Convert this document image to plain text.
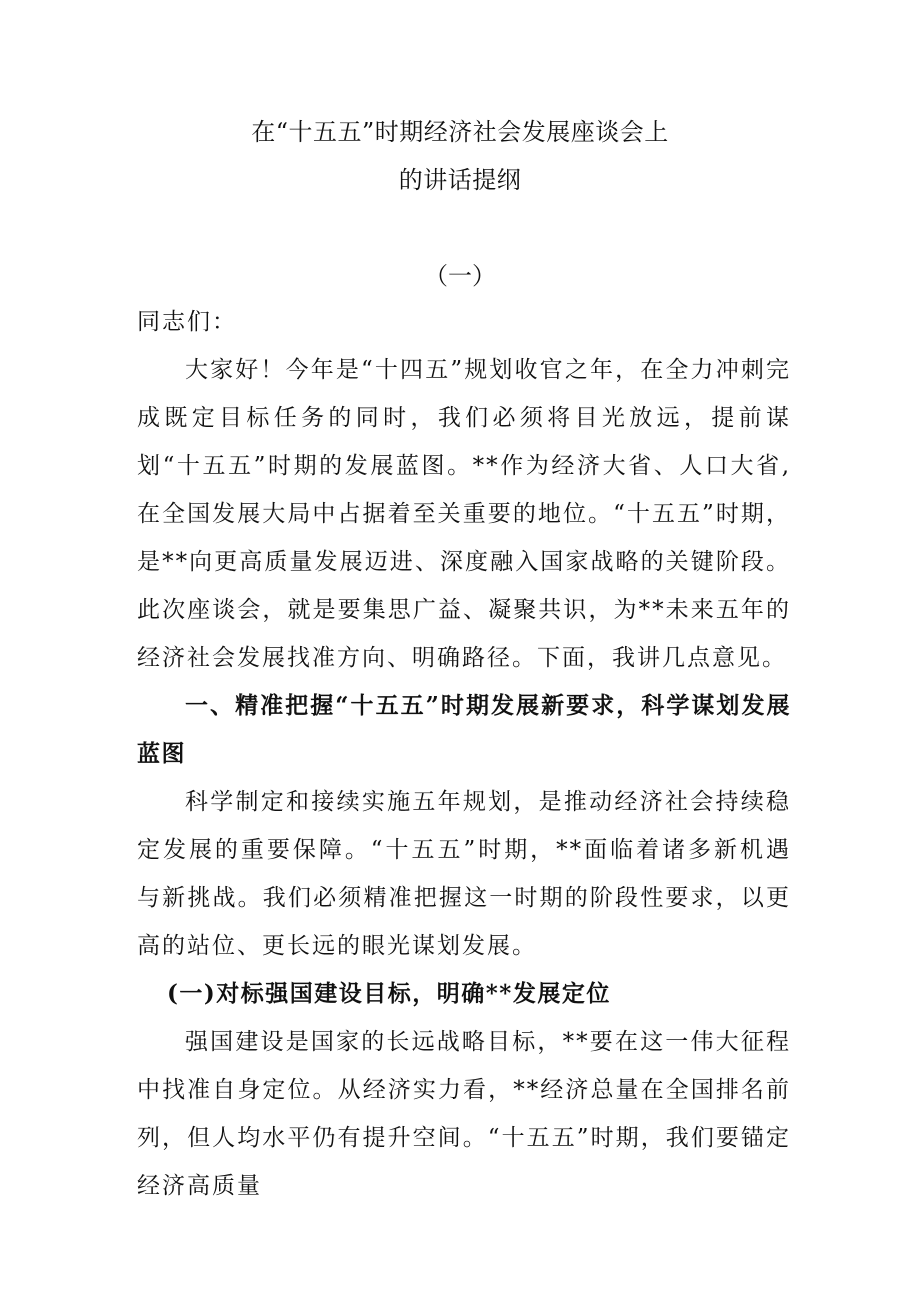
在“十五五”时期经济社会发展座谈会上
的讲话提纲
（一）

同志们：

大家好！今年是“十四五”规划收官之年，在全力冲刺完成既定目标任务的同时，我们必须将目光放远，提前谋划“十五五”时期的发展蓝图。**作为经济大省、人口大省,在全国发展大局中占据着至关重要的地位。“十五五”时期，是**向更高质量发展迈进、深度融入国家战略的关键阶段。此次座谈会，就是要集思广益、凝聚共识，为**未来五年的经济社会发展找准方向、明确路径。下面，我讲几点意见。

一、精准把握“十五五”时期发展新要求，科学谋划发展蓝图

科学制定和接续实施五年规划，是推动经济社会持续稳定发展的重要保障。“十五五”时期，**面临着诸多新机遇与新挑战。我们必须精准把握这一时期的阶段性要求，以更高的站位、更长远的眼光谋划发展。

(一)对标强国建设目标，明确**发展定位

强国建设是国家的长远战略目标，**要在这一伟大征程中找准自身定位。从经济实力看，**经济总量在全国排名前列，但人均水平仍有提升空间。“十五五”时期，我们要锚定经济高质量
